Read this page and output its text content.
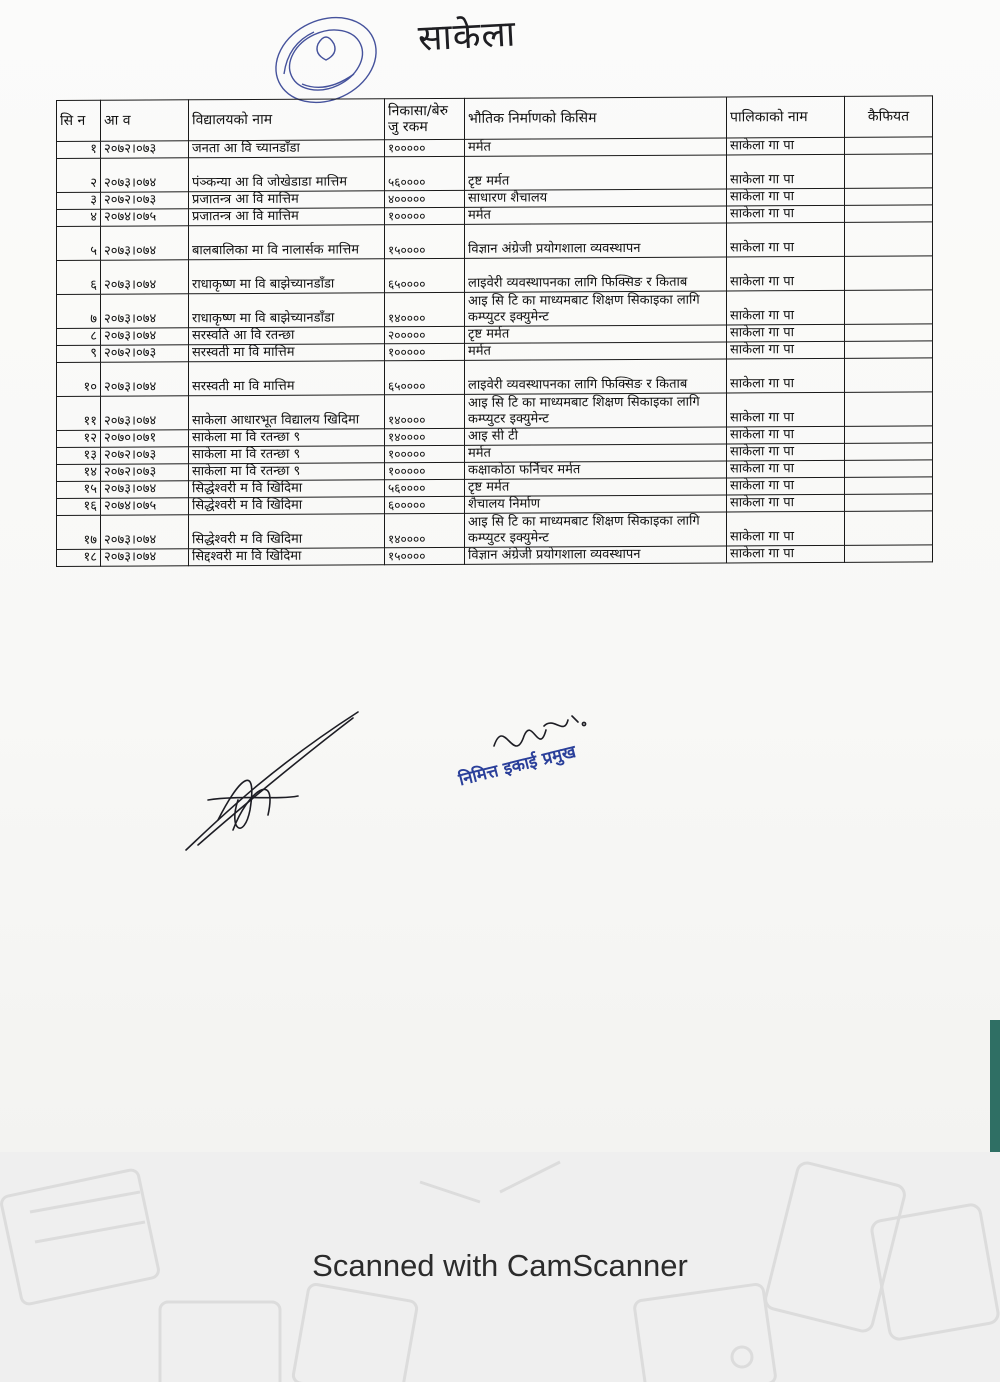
साकेला
सि न	आ व	विद्यालयको नाम	निकासा/बेरु जु रकम	भौतिक निर्माणको किसिम	पालिकाको नाम	कैफियत
१	२०७२।०७३	जनता आ वि च्यानडाँडा	१०००००	मर्मत	साकेला गा पा	
२	२०७३।०७४	पंञ्कन्या आ वि जोखेडाडा मात्तिम	५६००००	टृष्ट मर्मत	साकेला गा पा	
३	२०७२।०७३	प्रजातन्त्र आ वि मात्तिम	४०००००	साधारण शैचालय	साकेला गा पा	
४	२०७४।०७५	प्रजातन्त्र आ वि मात्तिम	१०००००	मर्मत	साकेला गा पा	
५	२०७३।०७४	बालबालिका मा वि नालार्सक मात्तिम	१५००००	विज्ञान अंग्रेजी प्रयोगशाला व्यवस्थापन	साकेला गा पा	
६	२०७३।०७४	राधाकृष्ण मा वि बाझेच्यानडाँडा	६५००००	लाइवेरी व्यवस्थापनका लागि फिक्सिङ र किताब	साकेला गा पा	
७	२०७३।०७४	राधाकृष्ण मा वि बाझेच्यानडाँडा	१४००००	आइ सि टि का माध्यमबाट शिक्षण सिकाइका लागि कम्प्युटर इक्युमेन्ट	साकेला गा पा	
८	२०७३।०७४	सरस्वति आ वि रतन्छा	२०००००	टृष्ट मर्मत	साकेला गा पा	
९	२०७२।०७३	सरस्वती मा वि मात्तिम	१०००००	मर्मत	साकेला गा पा	
१०	२०७३।०७४	सरस्वती मा वि मात्तिम	६५००००	लाइवेरी व्यवस्थापनका लागि फिक्सिङ र किताब	साकेला गा पा	
११	२०७३।०७४	साकेला आधारभूत विद्यालय खिदिमा	१४००००	आइ सि टि का माध्यमबाट शिक्षण सिकाइका लागि कम्प्युटर इक्युमेन्ट	साकेला गा पा	
१२	२०७०।०७१	साकेला मा वि रतन्छा ९	१४००००	आइ सी टी	साकेला गा पा	
१३	२०७२।०७३	साकेला मा वि रतन्छा ९	१०००००	मर्मत	साकेला गा पा	
१४	२०७२।०७३	साकेला मा वि रतन्छा ९	१०००००	कक्षाकोठा फर्निचर मर्मत	साकेला गा पा	
१५	२०७३।०७४	सिद्धेश्वरी म वि खिदिमा	५६००००	टृष्ट मर्मत	साकेला गा पा	
१६	२०७४।०७५	सिद्धेश्वरी म वि खिदिमा	६०००००	शैचालय निर्माण	साकेला गा पा	
१७	२०७३।०७४	सिद्धेश्वरी म वि खिदिमा	१४००००	आइ सि टि का माध्यमबाट शिक्षण सिकाइका लागि कम्प्युटर इक्युमेन्ट	साकेला गा पा	
१८	२०७३।०७४	सिद्दश्वरी मा वि खिदिमा	१५००००	विज्ञान अंग्रेजी प्रयोगशाला व्यवस्थापन	साकेला गा पा	
निमित्त इकाई प्रमुख
Scanned with CamScanner
